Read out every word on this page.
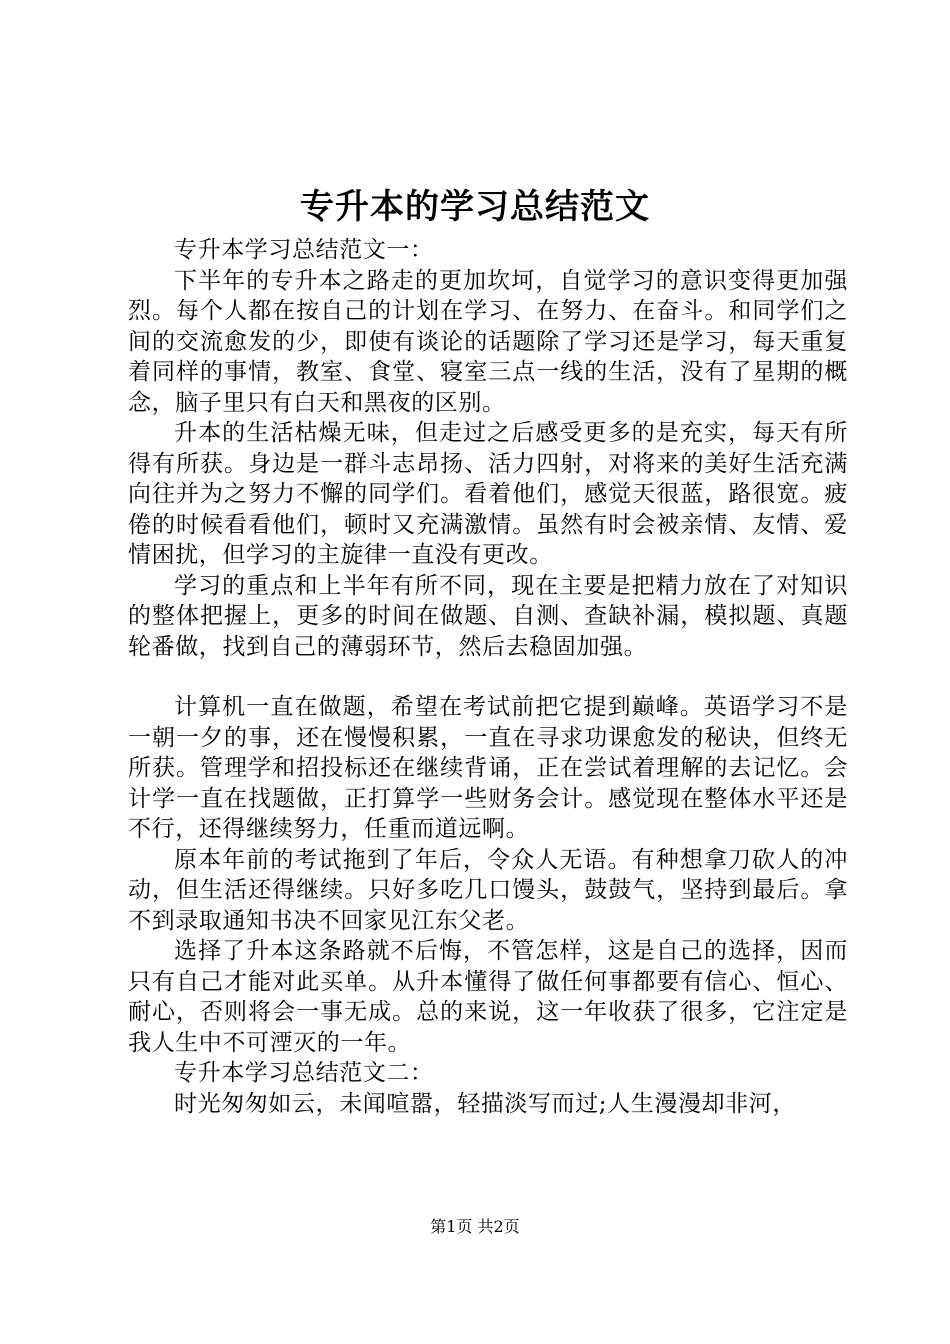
专升本的学习总结范文

专升本学习总结范文一：

下半年的专升本之路走的更加坎坷，自觉学习的意识变得更加强烈。每个人都在按自己的计划在学习、在努力、在奋斗。和同学们之间的交流愈发的少，即使有谈论的话题除了学习还是学习，每天重复着同样的事情，教室、食堂、寝室三点一线的生活，没有了星期的概念，脑子里只有白天和黑夜的区别。

升本的生活枯燥无味，但走过之后感受更多的是充实，每天有所得有所获。身边是一群斗志昂扬、活力四射，对将来的美好生活充满向往并为之努力不懈的同学们。看着他们，感觉天很蓝，路很宽。疲倦的时候看看他们，顿时又充满激情。虽然有时会被亲情、友情、爱情困扰，但学习的主旋律一直没有更改。

学习的重点和上半年有所不同，现在主要是把精力放在了对知识的整体把握上，更多的时间在做题、自测、查缺补漏，模拟题、真题轮番做，找到自己的薄弱环节，然后去稳固加强。

计算机一直在做题，希望在考试前把它提到巅峰。英语学习不是一朝一夕的事，还在慢慢积累，一直在寻求功课愈发的秘诀，但终无所获。管理学和招投标还在继续背诵，正在尝试着理解的去记忆。会计学一直在找题做，正打算学一些财务会计。感觉现在整体水平还是不行，还得继续努力，任重而道远啊。

原本年前的考试拖到了年后，令众人无语。有种想拿刀砍人的冲动，但生活还得继续。只好多吃几口馒头，鼓鼓气，坚持到最后。拿不到录取通知书决不回家见江东父老。

选择了升本这条路就不后悔，不管怎样，这是自己的选择，因而只有自己才能对此买单。从升本懂得了做任何事都要有信心、恒心、耐心，否则将会一事无成。总的来说，这一年收获了很多，它注定是我人生中不可湮灭的一年。

专升本学习总结范文二：

时光匆匆如云，未闻喧嚣，轻描淡写而过;人生漫漫却非河，

第1页 共2页
